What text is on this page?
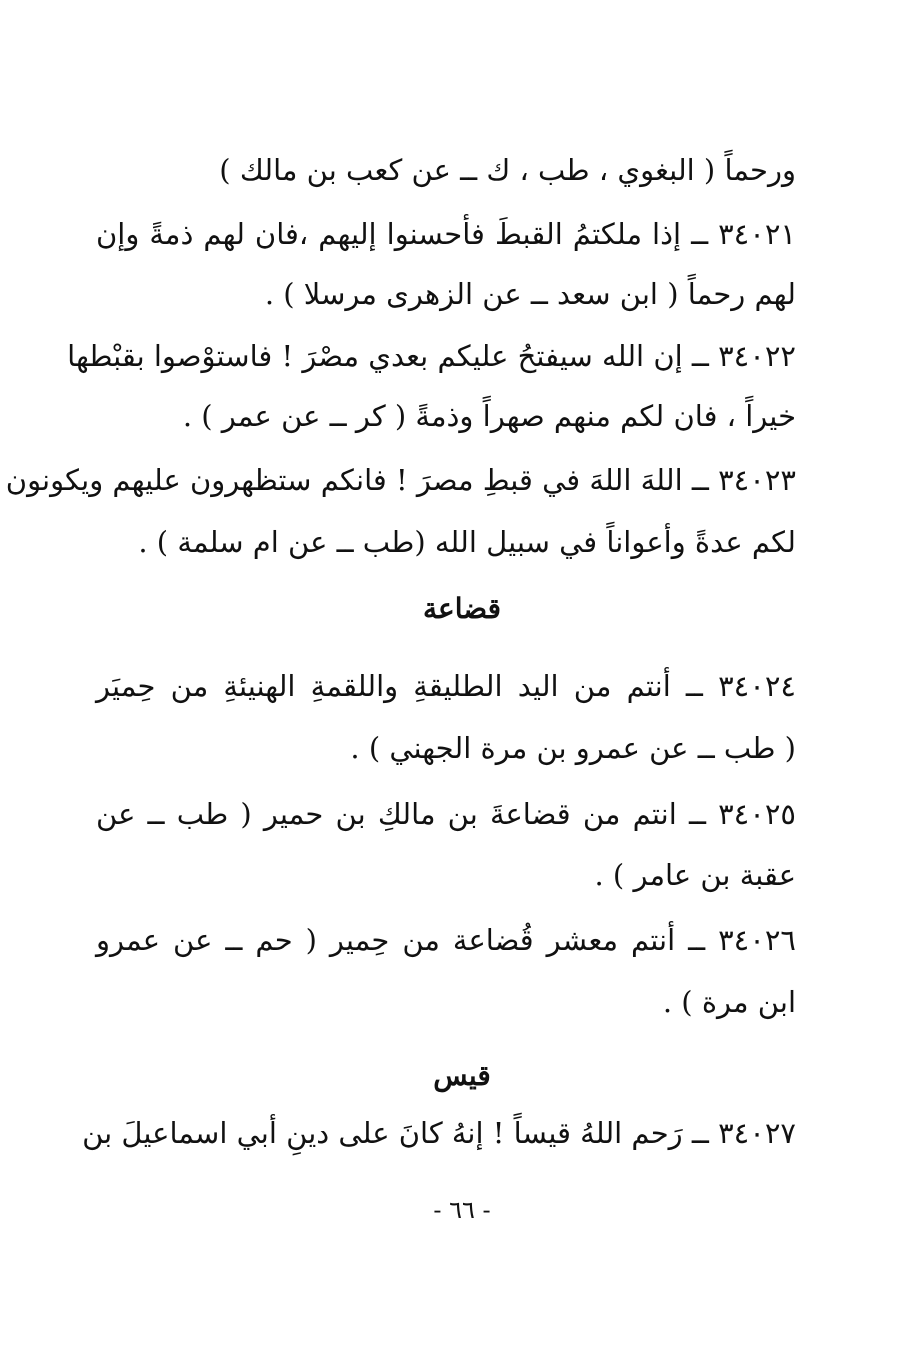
ورحماً ( البغوي ، طب ، ك ــ عن كعب بن مالك )
٣٤٠٢١ ــ إذا ملكتمُ القبطَ فأحسنوا إليهم ،فان لهم ذمةً وإن
لهم رحماً ( ابن سعد ــ عن الزهرى مرسلا ) .
٣٤٠٢٢ ــ إن الله سيفتحُ عليكم بعدي مصْرَ ! فاستوْصوا بقبْطها
خيراً ، فان لكم منهم صهراً وذمةً ( كر ــ عن عمر ) .
٣٤٠٢٣ ــ اللهَ اللهَ في قبطِ مصرَ ! فانكم ستظهرون عليهم ويكونون
لكم عدةً وأعواناً في سبيل الله (طب ــ عن ام سلمة ) .
قضاعة
٣٤٠٢٤ ــ أنتم من اليد الطليقةِ واللقمةِ الهنيئةِ من حِميَر
( طب ــ عن عمرو بن مرة الجهني ) .
٣٤٠٢٥ ــ انتم من قضاعةَ بن مالكِ بن حمير ( طب ــ عن
عقبة بن عامر ) .
٣٤٠٢٦ ــ أنتم معشر قُضاعة من حِمير ( حم ــ عن عمرو
ابن مرة ) .
قيس
٣٤٠٢٧ ــ رَحم اللهُ قيساً ! إنهُ كانَ على دينِ أبي اسماعيلَ بن
- ٦٦ -
